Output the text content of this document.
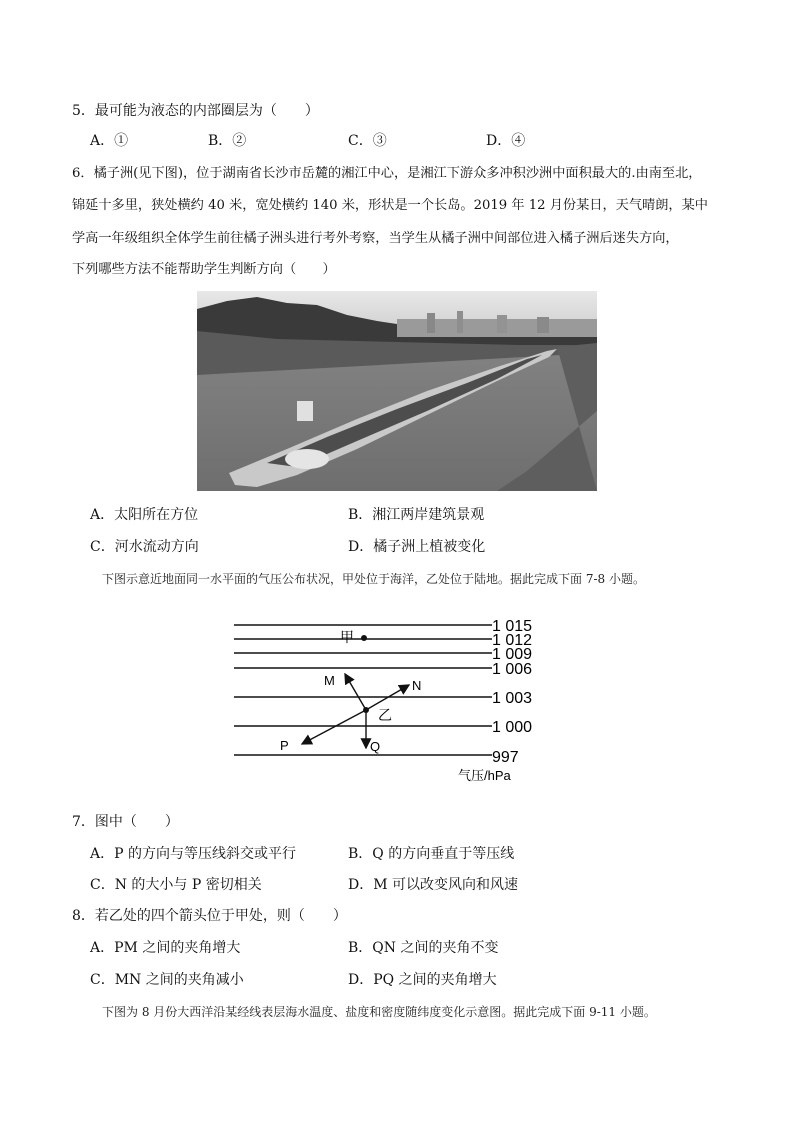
5．最可能为液态的内部圈层为（　　）
A．①	B．②	C．③	D．④
6．橘子洲(见下图)，位于湖南省长沙市岳麓的湘江中心，是湘江下游众多冲积沙洲中面积最大的.由南至北，
锦延十多里，狭处横约 40 米，宽处横约 140 米，形状是一个长岛。2019 年 12 月份某日，天气晴朗，某中
学高一年级组织全体学生前往橘子洲头进行考外考察，当学生从橘子洲中间部位进入橘子洲后迷失方向，
下列哪些方法不能帮助学生判断方向（　　）
A．太阳所在方位	B．湘江两岸建筑景观
C．河水流动方向	D．橘子洲上植被变化
下图示意近地面同一水平面的气压公布状况，甲处位于海洋，乙处位于陆地。据此完成下面 7-8 小题。
1 015
1 012
1 009
1 006
1 003
1 000
997
气压/hPa
甲
乙
M	N
P	Q
7．图中（　　）
A．P 的方向与等压线斜交或平行	B．Q 的方向垂直于等压线
C．N 的大小与 P 密切相关	D．M 可以改变风向和风速
8．若乙处的四个箭头位于甲处，则（　　）
A．PM 之间的夹角增大	B．QN 之间的夹角不变
C．MN 之间的夹角减小	D．PQ 之间的夹角增大
下图为 8 月份大西洋沿某经线表层海水温度、盐度和密度随纬度变化示意图。据此完成下面 9-11 小题。
